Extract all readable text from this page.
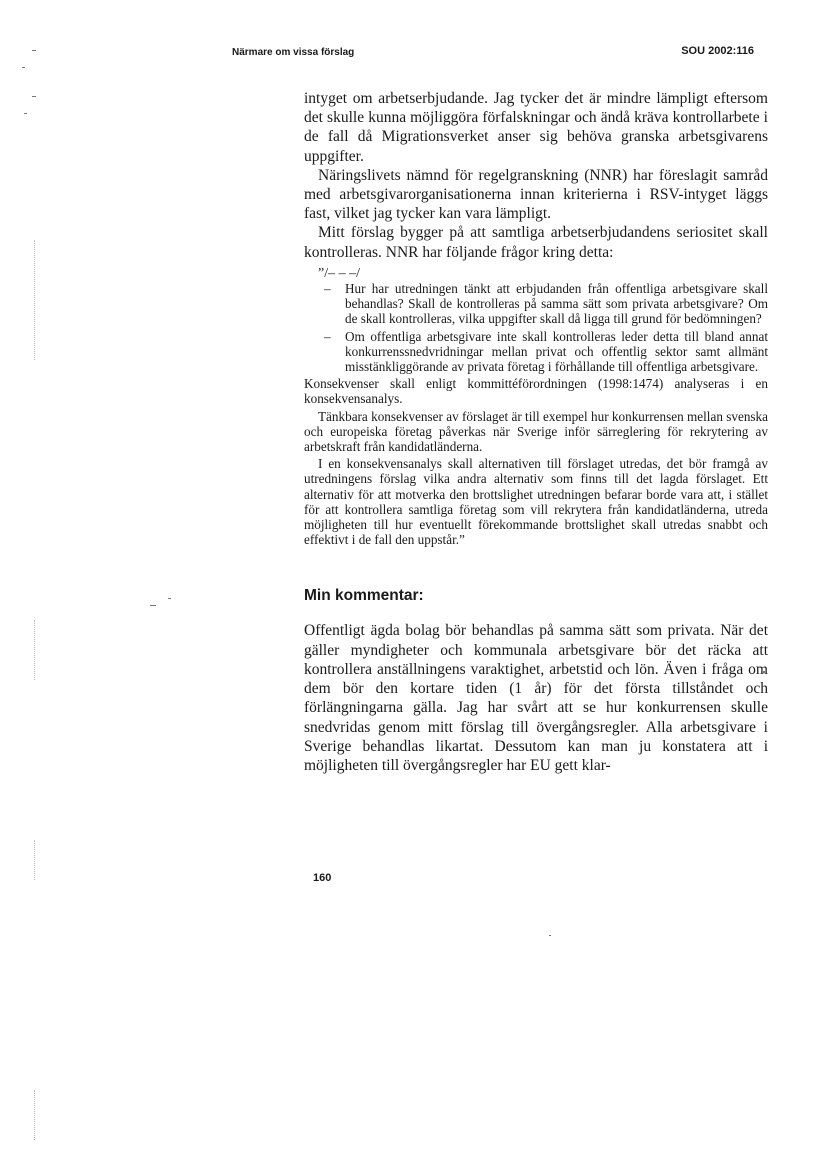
Närmare om vissa förslag	SOU 2002:116

intyget om arbetserbjudande. Jag tycker det är mindre lämpligt eftersom det skulle kunna möjliggöra förfalskningar och ändå kräva kontrollarbete i de fall då Migrationsverket anser sig behöva granska arbetsgivarens uppgifter.

Näringslivets nämnd för regelgranskning (NNR) har föreslagit samråd med arbetsgivarorganisationerna innan kriterierna i RSV-intyget läggs fast, vilket jag tycker kan vara lämpligt.

Mitt förslag bygger på att samtliga arbetserbjudandens seriositet skall kontrolleras. NNR har följande frågor kring detta:

”/– – –/

– Hur har utredningen tänkt att erbjudanden från offentliga arbetsgivare skall behandlas? Skall de kontrolleras på samma sätt som privata arbetsgivare? Om de skall kontrolleras, vilka uppgifter skall då ligga till grund för bedömningen?
– Om offentliga arbetsgivare inte skall kontrolleras leder detta till bland annat konkurrenssnedvridningar mellan privat och offentlig sektor samt allmänt misstänkliggörande av privata företag i förhållande till offentliga arbetsgivare.

Konsekvenser skall enligt kommittéförordningen (1998:1474) analyseras i en konsekvensanalys.

Tänkbara konsekvenser av förslaget är till exempel hur konkurrensen mellan svenska och europeiska företag påverkas när Sverige inför särreglering för rekrytering av arbetskraft från kandidatländerna.

I en konsekvensanalys skall alternativen till förslaget utredas, det bör framgå av utredningens förslag vilka andra alternativ som finns till det lagda förslaget. Ett alternativ för att motverka den brottslighet utredningen befarar borde vara att, i stället för att kontrollera samtliga företag som vill rekrytera från kandidatländerna, utreda möjligheten till hur eventuellt förekommande brottslighet skall utredas snabbt och effektivt i de fall den uppstår.”

Min kommentar:

Offentligt ägda bolag bör behandlas på samma sätt som privata. När det gäller myndigheter och kommunala arbetsgivare bör det räcka att kontrollera anställningens varaktighet, arbetstid och lön. Även i fråga om dem bör den kortare tiden (1 år) för det första tillståndet och förlängningarna gälla. Jag har svårt att se hur konkurrensen skulle snedvridas genom mitt förslag till övergångsregler. Alla arbetsgivare i Sverige behandlas likartat. Dessutom kan man ju konstatera att i möjligheten till övergångsregler har EU gett klar-

160
